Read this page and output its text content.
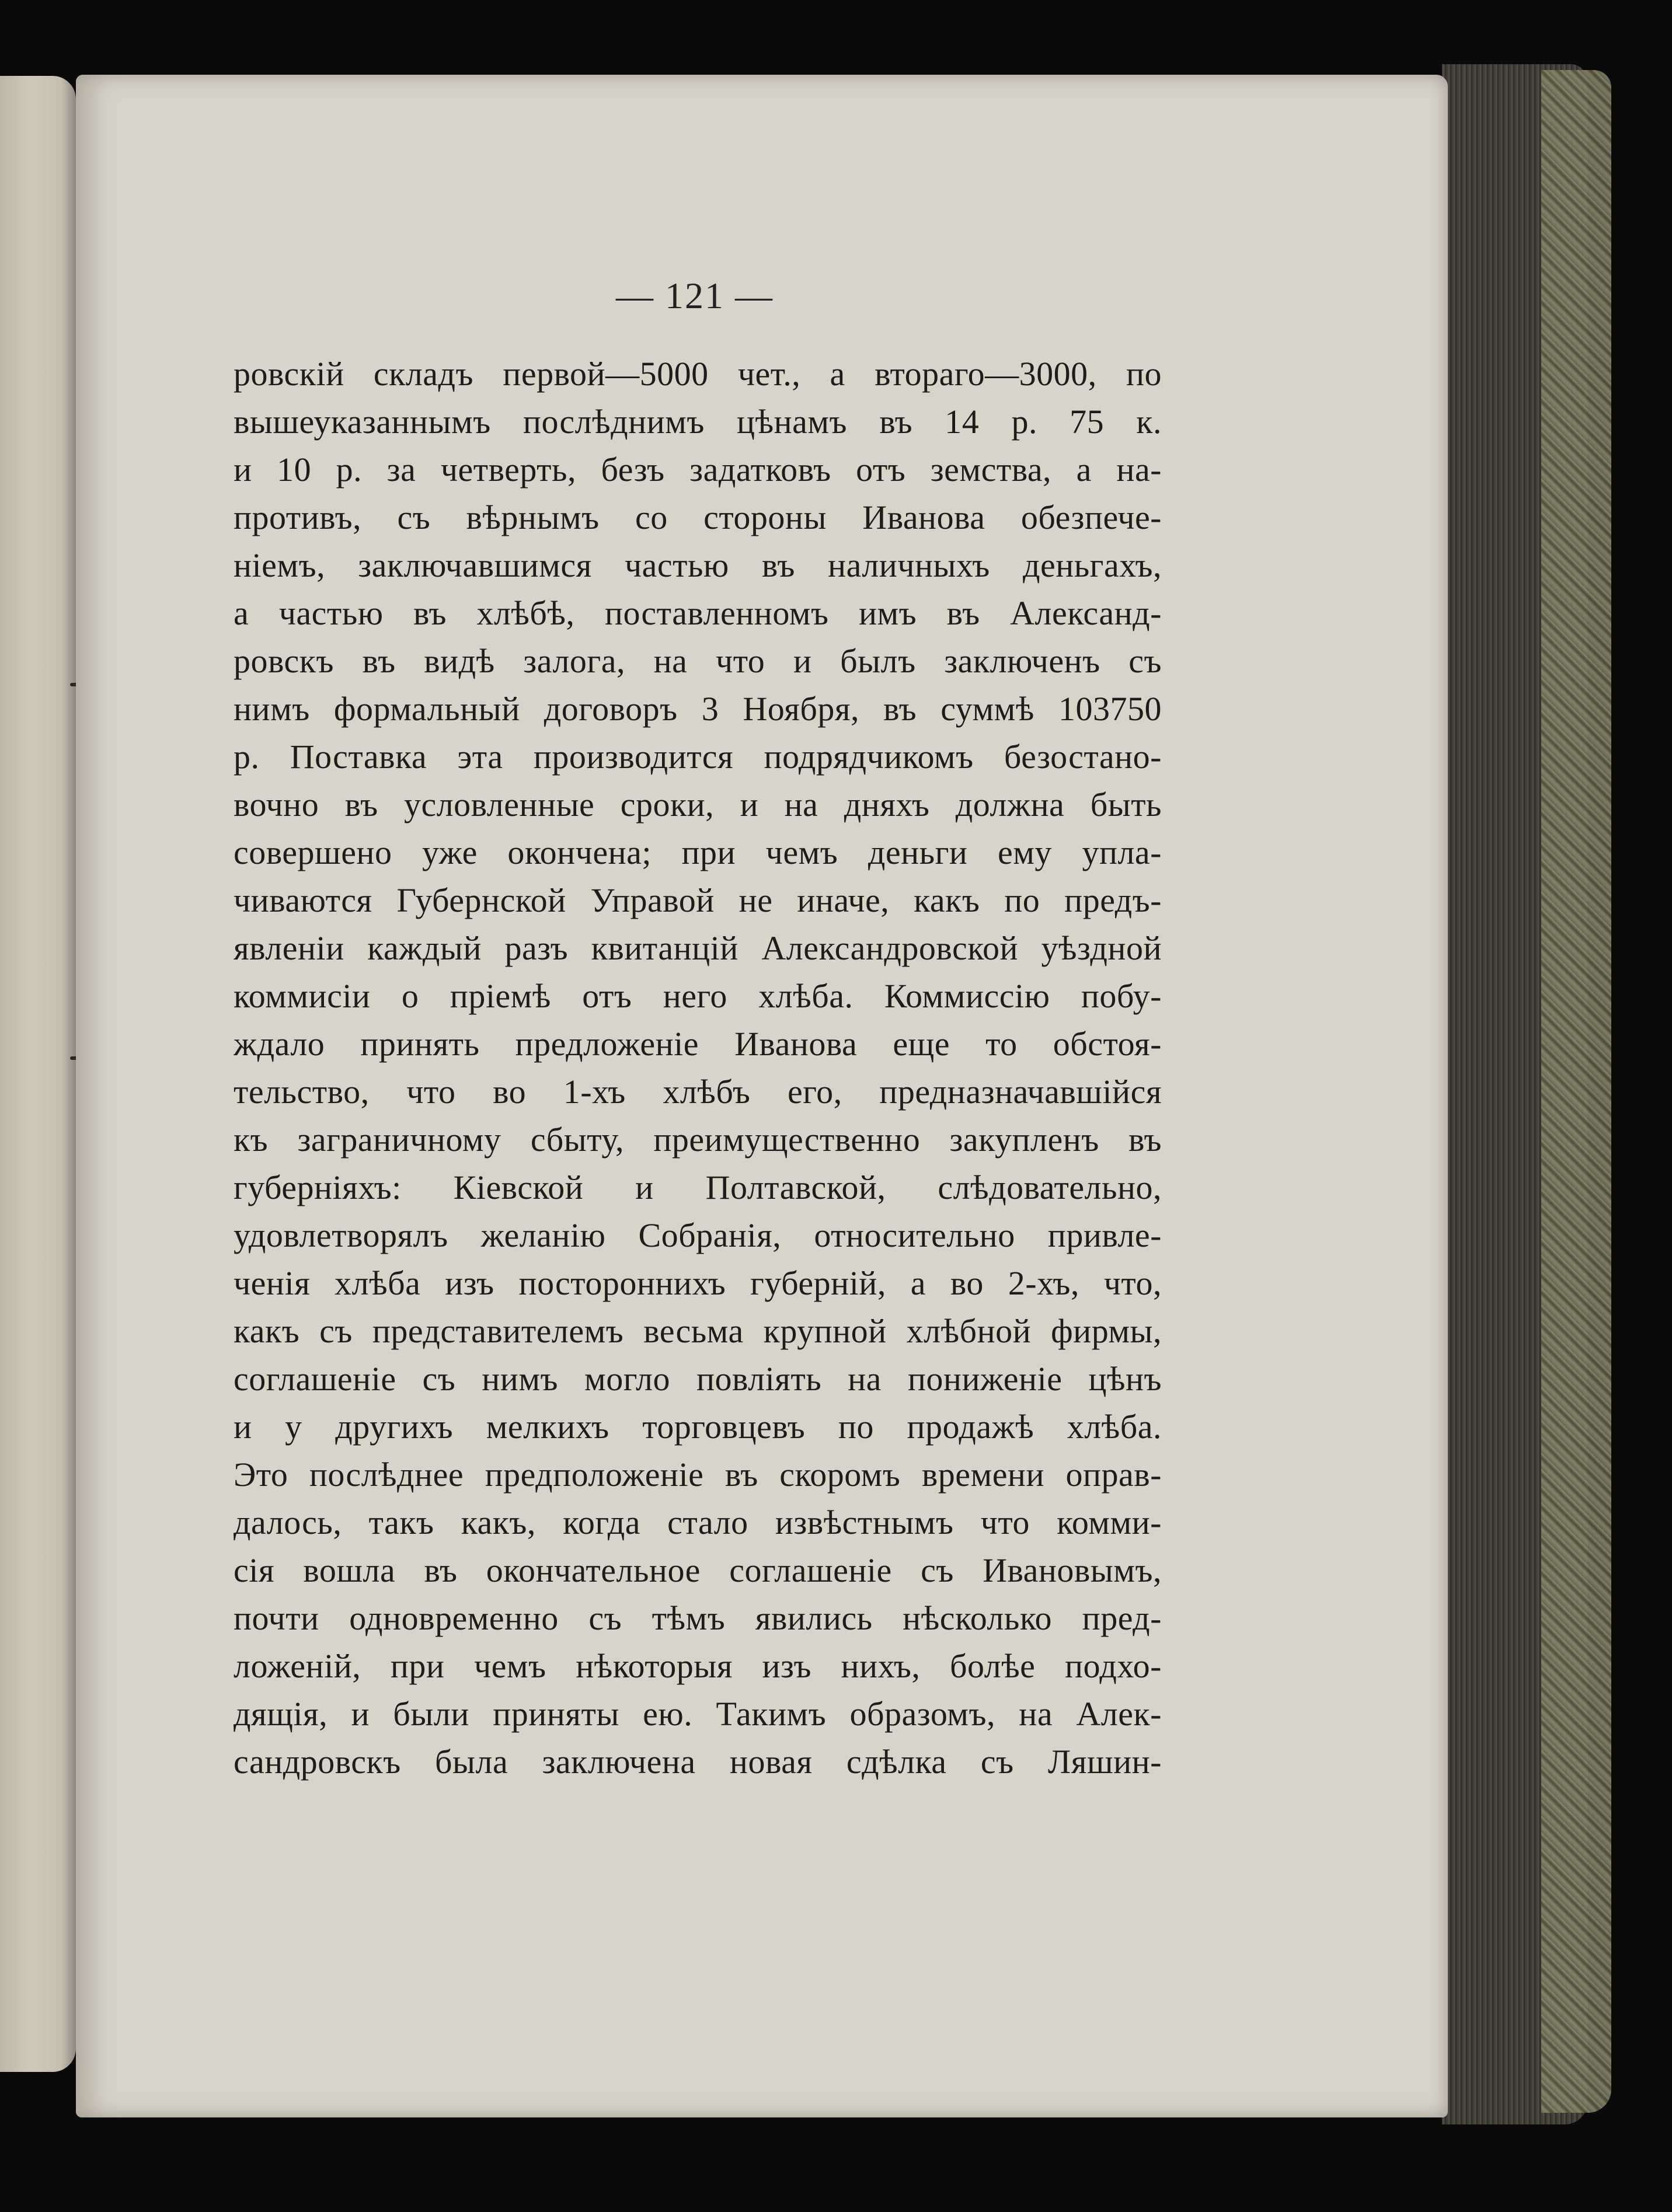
— 121 —
ровскій складъ первой—5000 чет., а втораго—3000, по
вышеуказаннымъ послѣднимъ цѣнамъ въ 14 р. 75 к.
и 10 р. за четверть, безъ задатковъ отъ земства, а на-
противъ, съ вѣрнымъ со стороны Иванова обезпече-
ніемъ, заключавшимся частью въ наличныхъ деньгахъ,
а частью въ хлѣбѣ, поставленномъ имъ въ Александ-
ровскъ въ видѣ залога, на что и былъ заключенъ съ
нимъ формальный договоръ 3 Ноября, въ суммѣ 103750
р. Поставка эта производится подрядчикомъ безостано-
вочно въ условленные сроки, и на дняхъ должна быть
совершено уже окончена; при чемъ деньги ему упла-
чиваются Губернской Управой не иначе, какъ по предъ-
явленіи каждый разъ квитанцій Александровской уѣздной
коммисіи о пріемѣ отъ него хлѣба. Коммиссію побу-
ждало принять предложеніе Иванова еще то обстоя-
тельство, что во 1-хъ хлѣбъ его, предназначавшійся
къ заграничному сбыту, преимущественно закупленъ въ
губерніяхъ: Кіевской и Полтавской, слѣдовательно,
удовлетворялъ желанію Собранія, относительно привле-
ченія хлѣба изъ постороннихъ губерній, а во 2-хъ, что,
какъ съ представителемъ весьма крупной хлѣбной фирмы,
соглашеніе съ нимъ могло повліять на пониженіе цѣнъ
и у другихъ мелкихъ торговцевъ по продажѣ хлѣба.
Это послѣднее предположеніе въ скоромъ времени оправ-
далось, такъ какъ, когда стало извѣстнымъ что комми-
сія вошла въ окончательное соглашеніе съ Ивановымъ,
почти одновременно съ тѣмъ явились нѣсколько пред-
ложеній, при чемъ нѣкоторыя изъ нихъ, болѣе подхо-
дящія, и были приняты ею. Такимъ образомъ, на Алек-
сандровскъ была заключена новая сдѣлка съ Ляшин-
